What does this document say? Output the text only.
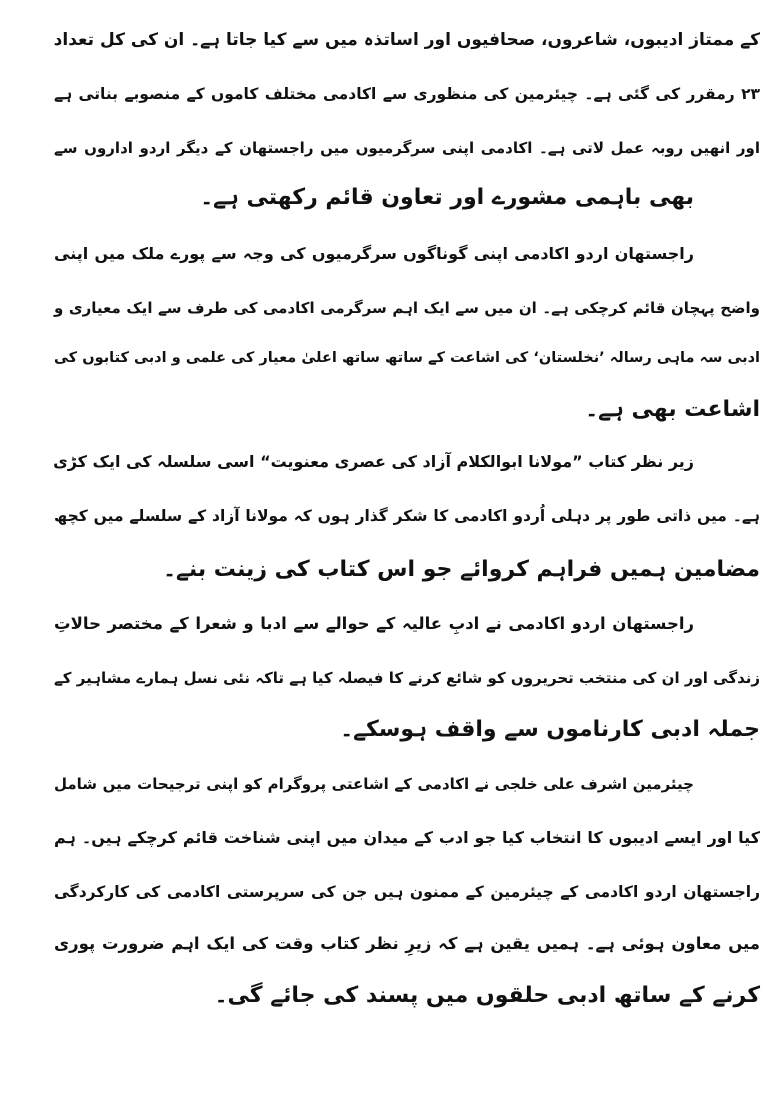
کے ممتاز ادیبوں، شاعروں، صحافیوں اور اساتذہ میں سے کیا جاتا ہے۔ ان کی کل تعداد
۲۳ رمقرر کی گئی ہے۔ چیئرمین کی منظوری سے اکادمی مختلف کاموں کے منصوبے بناتی ہے
اور انھیں روبہ عمل لاتی ہے۔ اکادمی اپنی سرگرمیوں میں راجستھان کے دیگر اردو اداروں سے
بھی باہمی مشورے اور تعاون قائم رکھتی ہے۔
راجستھان اردو اکادمی اپنی گوناگوں سرگرمیوں کی وجہ سے پورے ملک میں اپنی
واضح پہچان قائم کرچکی ہے۔ ان میں سے ایک اہم سرگرمی اکادمی کی طرف سے ایک معیاری و
ادبی سہ ماہی رسالہ ’نخلستان‘ کی اشاعت کے ساتھ ساتھ اعلیٰ معیار کی علمی و ادبی کتابوں کی
اشاعت بھی ہے۔
زیر نظر کتاب ”مولانا ابوالکلام آزاد کی عصری معنویت“ اسی سلسلہ کی ایک کڑی
ہے۔ میں ذاتی طور پر دہلی اُردو اکادمی کا شکر گذار ہوں کہ مولانا آزاد کے سلسلے میں کچھ
مضامین ہمیں فراہم کروائے جو اس کتاب کی زینت بنے۔
راجستھان اردو اکادمی نے ادبِ عالیہ کے حوالے سے ادبا و شعرا کے مختصر حالاتِ
زندگی اور ان کی منتخب تحریروں کو شائع کرنے کا فیصلہ کیا ہے تاکہ نئی نسل ہمارے مشاہیر کے
جملہ ادبی کارناموں سے واقف ہوسکے۔
چیئرمین اشرف علی خلجی نے اکادمی کے اشاعتی پروگرام کو اپنی ترجیحات میں شامل
کیا اور ایسے ادیبوں کا انتخاب کیا جو ادب کے میدان میں اپنی شناخت قائم کرچکے ہیں۔ ہم
راجستھان اردو اکادمی کے چیئرمین کے ممنون ہیں جن کی سرپرستی اکادمی کی کارکردگی
میں معاون ہوئی ہے۔ ہمیں یقین ہے کہ زیرِ نظر کتاب وقت کی ایک اہم ضرورت پوری
کرنے کے ساتھ ادبی حلقوں میں پسند کی جائے گی۔
